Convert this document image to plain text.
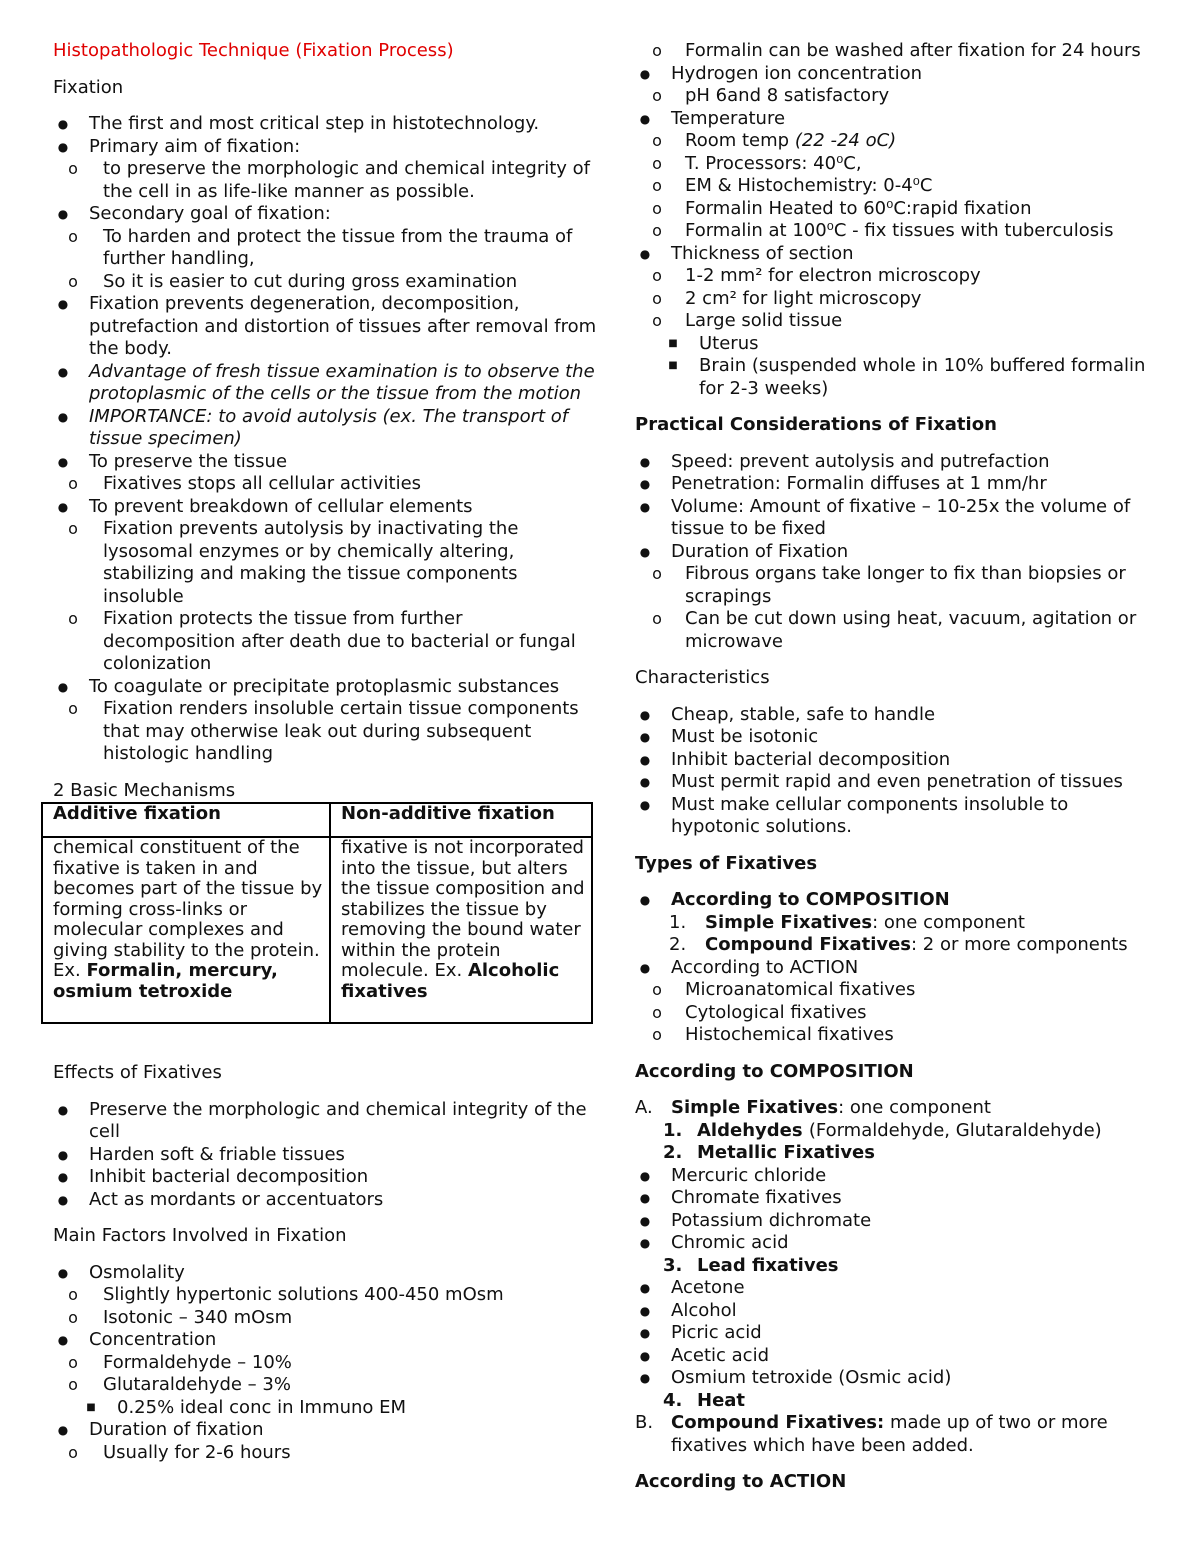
Histopathologic Technique (Fixation Process)

Fixation

● The first and most critical step in histotechnology.
● Primary aim of fixation:
o to preserve the morphologic and chemical integrity of the cell in as life-like manner as possible.
● Secondary goal of fixation:
o To harden and protect the tissue from the trauma of further handling,
o So it is easier to cut during gross examination
● Fixation prevents degeneration, decomposition, putrefaction and distortion of tissues after removal from the body.
● Advantage of fresh tissue examination is to observe the protoplasmic of the cells or the tissue from the motion
● IMPORTANCE: to avoid autolysis (ex. The transport of tissue specimen)
● To preserve the tissue
o Fixatives stops all cellular activities
● To prevent breakdown of cellular elements
o Fixation prevents autolysis by inactivating the lysosomal enzymes or by chemically altering, stabilizing and making the tissue components insoluble
o Fixation protects the tissue from further decomposition after death due to bacterial or fungal colonization
● To coagulate or precipitate protoplasmic substances
o Fixation renders insoluble certain tissue components that may otherwise leak out during subsequent histologic handling

2 Basic Mechanisms

Additive fixation	Non-additive fixation
chemical constituent of the fixative is taken in and becomes part of the tissue by forming cross-links or molecular complexes and giving stability to the protein. Ex. Formalin, mercury, osmium tetroxide	fixative is not incorporated into the tissue, but alters the tissue composition and stabilizes the tissue by removing the bound water within the protein molecule. Ex. Alcoholic fixatives

Effects of Fixatives

● Preserve the morphologic and chemical integrity of the cell
● Harden soft & friable tissues
● Inhibit bacterial decomposition
● Act as mordants or accentuators

Main Factors Involved in Fixation

● Osmolality
o Slightly hypertonic solutions 400-450 mOsm
o Isotonic – 340 mOsm
● Concentration
o Formaldehyde – 10%
o Glutaraldehyde – 3%
■ 0.25% ideal conc in Immuno EM
● Duration of fixation
o Usually for 2-6 hours
o Formalin can be washed after fixation for 24 hours
● Hydrogen ion concentration
o pH 6and 8 satisfactory
● Temperature
o Room temp (22 -24 oC)
o T. Processors: 40⁰C,
o EM & Histochemistry: 0-4⁰C
o Formalin Heated to 60⁰C:rapid fixation
o Formalin at 100⁰C - fix tissues with tuberculosis
● Thickness of section
o 1-2 mm² for electron microscopy
o 2 cm² for light microscopy
o Large solid tissue
■ Uterus
■ Brain (suspended whole in 10% buffered formalin for 2-3 weeks)
Practical Considerations of Fixation
● Speed: prevent autolysis and putrefaction
● Penetration: Formalin diffuses at 1 mm/hr
● Volume: Amount of fixative – 10-25x the volume of tissue to be fixed
● Duration of Fixation
o Fibrous organs take longer to fix than biopsies or scrapings
o Can be cut down using heat, vacuum, agitation or microwave

Characteristics

● Cheap, stable, safe to handle
● Must be isotonic
● Inhibit bacterial decomposition
● Must permit rapid and even penetration of tissues
● Must make cellular components insoluble to hypotonic solutions.
Types of Fixatives
● According to COMPOSITION
1. Simple Fixatives: one component
2. Compound Fixatives: 2 or more components
● According to ACTION
o Microanatomical fixatives
o Cytological fixatives
o Histochemical fixatives
According to COMPOSITION
A. Simple Fixatives: one component
1. Aldehydes (Formaldehyde, Glutaraldehyde)
2. Metallic Fixatives
● Mercuric chloride
● Chromate fixatives
● Potassium dichromate
● Chromic acid
3. Lead fixatives
● Acetone
● Alcohol
● Picric acid
● Acetic acid
● Osmium tetroxide (Osmic acid)
4. Heat
B. Compound Fixatives: made up of two or more fixatives which have been added.
According to ACTION
